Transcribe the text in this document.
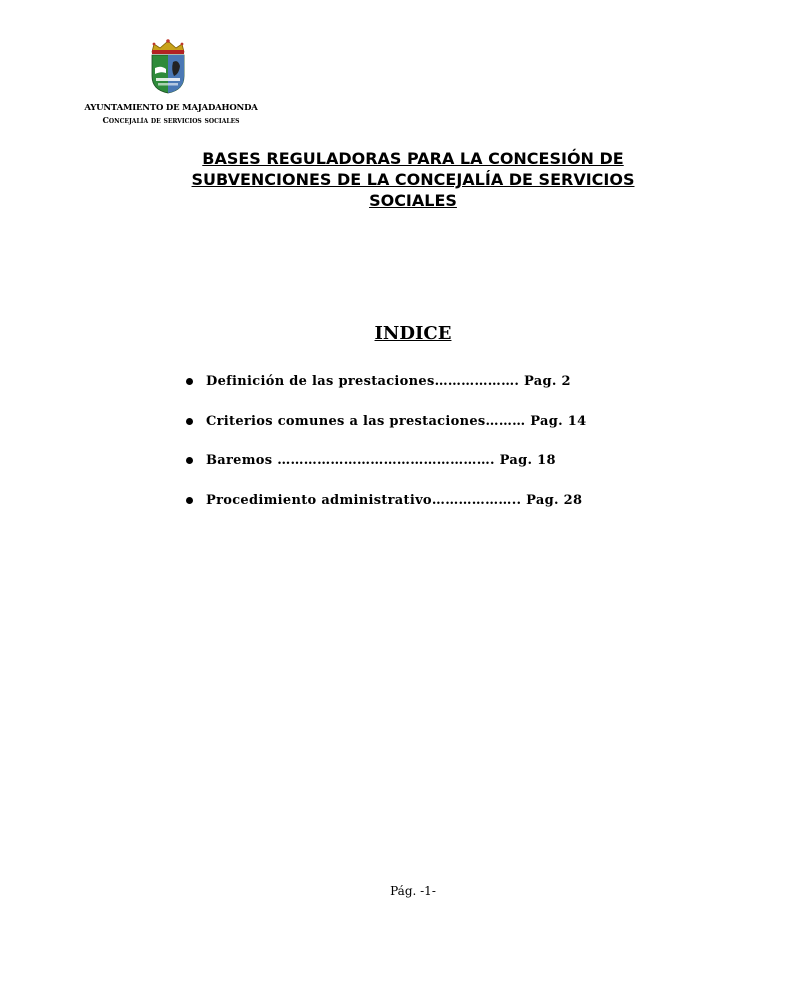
AYUNTAMIENTO DE MAJADAHONDA
Concejalía de servicios sociales
BASES REGULADORAS PARA LA CONCESIÓN DE SUBVENCIONES DE LA CONCEJALÍA DE SERVICIOS SOCIALES
INDICE
Definición de las prestaciones………………. Pag. 2
Criterios comunes a las prestaciones……… Pag. 14
Baremos …………………………………………. Pag. 18
Procedimiento administrativo……………….. Pag. 28
Pág. -1-
